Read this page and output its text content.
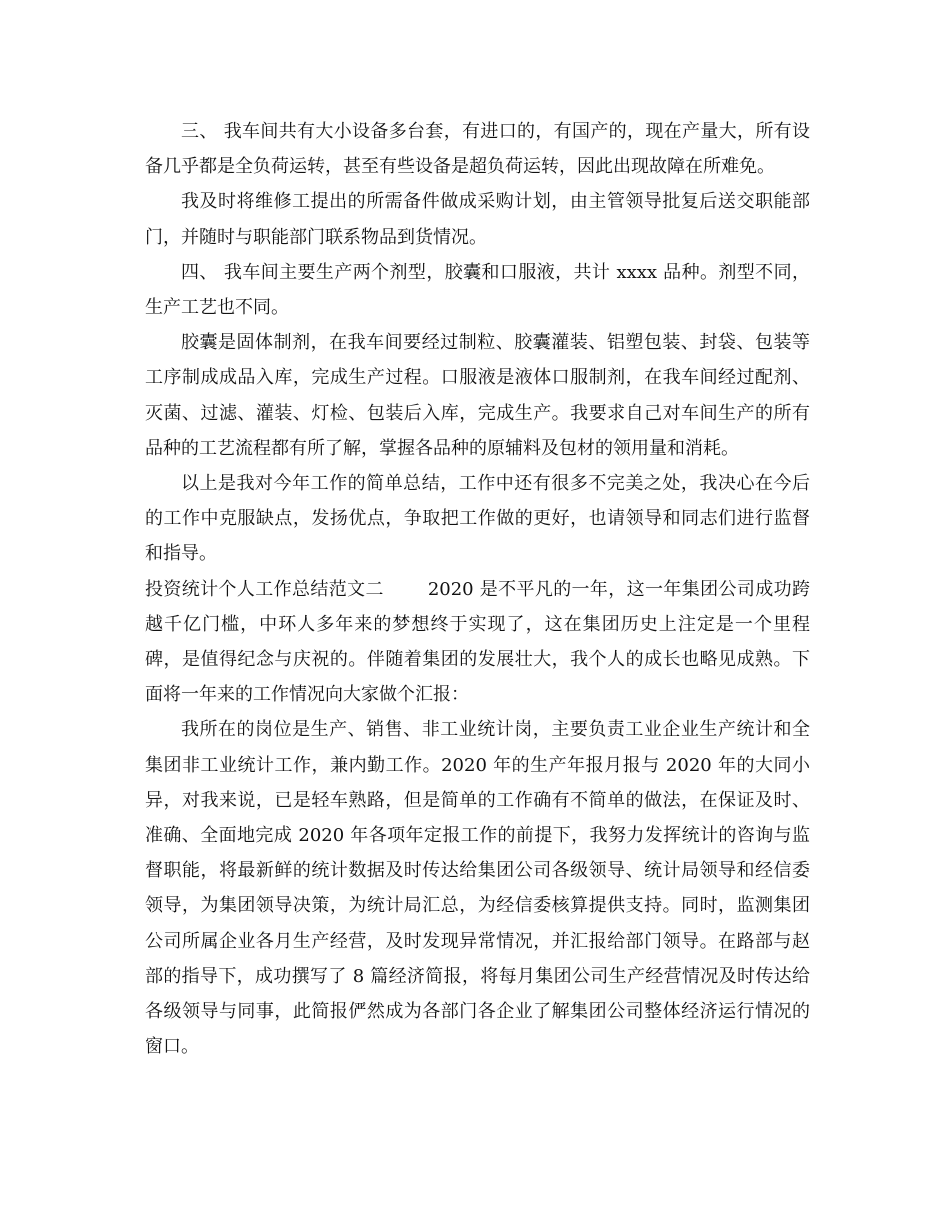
三、 我车间共有大小设备多台套，有进口的，有国产的，现在产量大，所有设备几乎都是全负荷运转，甚至有些设备是超负荷运转，因此出现故障在所难免。

我及时将维修工提出的所需备件做成采购计划，由主管领导批复后送交职能部门，并随时与职能部门联系物品到货情况。

四、 我车间主要生产两个剂型，胶囊和口服液，共计 xxxx 品种。剂型不同，生产工艺也不同。

胶囊是固体制剂，在我车间要经过制粒、胶囊灌装、铝塑包装、封袋、包装等工序制成成品入库，完成生产过程。口服液是液体口服制剂，在我车间经过配剂、灭菌、过滤、灌装、灯检、包装后入库，完成生产。我要求自己对车间生产的所有品种的工艺流程都有所了解，掌握各品种的原辅料及包材的领用量和消耗。

以上是我对今年工作的简单总结，工作中还有很多不完美之处，我决心在今后的工作中克服缺点，发扬优点，争取把工作做的更好，也请领导和同志们进行监督和指导。

投资统计个人工作总结范文二 2020 是不平凡的一年，这一年集团公司成功跨越千亿门槛，中环人多年来的梦想终于实现了，这在集团历史上注定是一个里程碑，是值得纪念与庆祝的。伴随着集团的发展壮大，我个人的成长也略见成熟。下面将一年来的工作情况向大家做个汇报：

我所在的岗位是生产、销售、非工业统计岗，主要负责工业企业生产统计和全集团非工业统计工作，兼内勤工作。2020 年的生产年报月报与 2020 年的大同小异，对我来说，已是轻车熟路，但是简单的工作确有不简单的做法，在保证及时、准确、全面地完成 2020 年各项年定报工作的前提下，我努力发挥统计的咨询与监督职能，将最新鲜的统计数据及时传达给集团公司各级领导、统计局领导和经信委领导，为集团领导决策，为统计局汇总，为经信委核算提供支持。同时，监测集团公司所属企业各月生产经营，及时发现异常情况，并汇报给部门领导。在路部与赵部的指导下，成功撰写了 8 篇经济简报，将每月集团公司生产经营情况及时传达给各级领导与同事，此简报俨然成为各部门各企业了解集团公司整体经济运行情况的窗口。
